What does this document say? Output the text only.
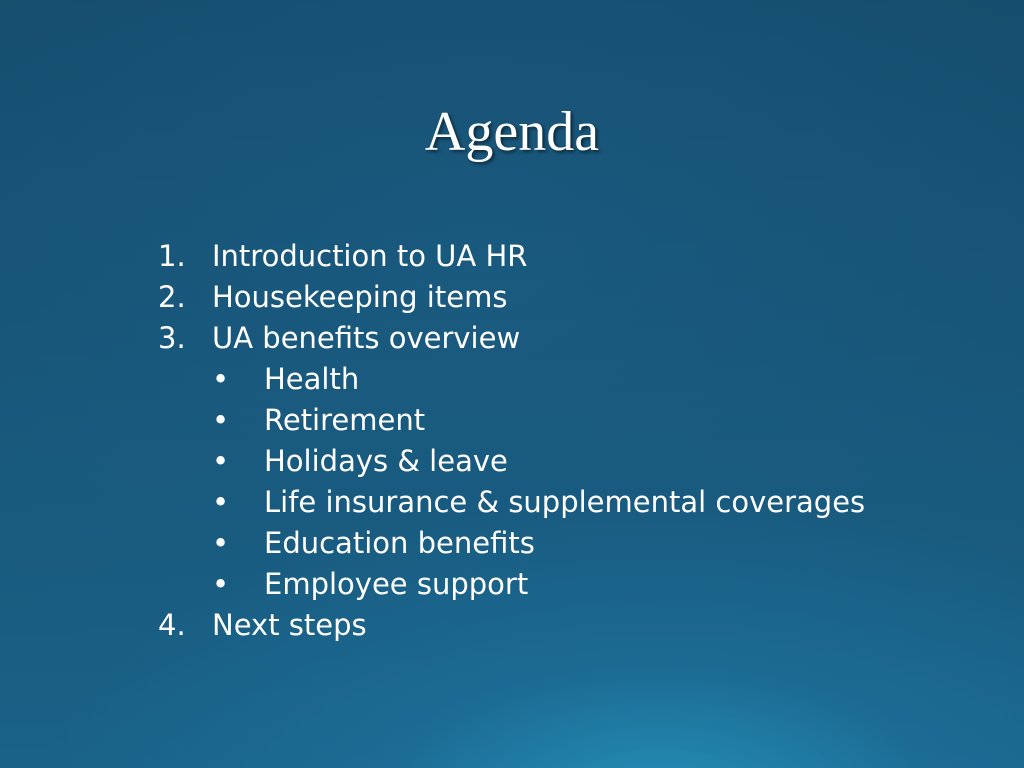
Agenda
1. Introduction to UA HR
2. Housekeeping items
3. UA benefits overview
• Health
• Retirement
• Holidays & leave
• Life insurance & supplemental coverages
• Education benefits
• Employee support
4. Next steps
